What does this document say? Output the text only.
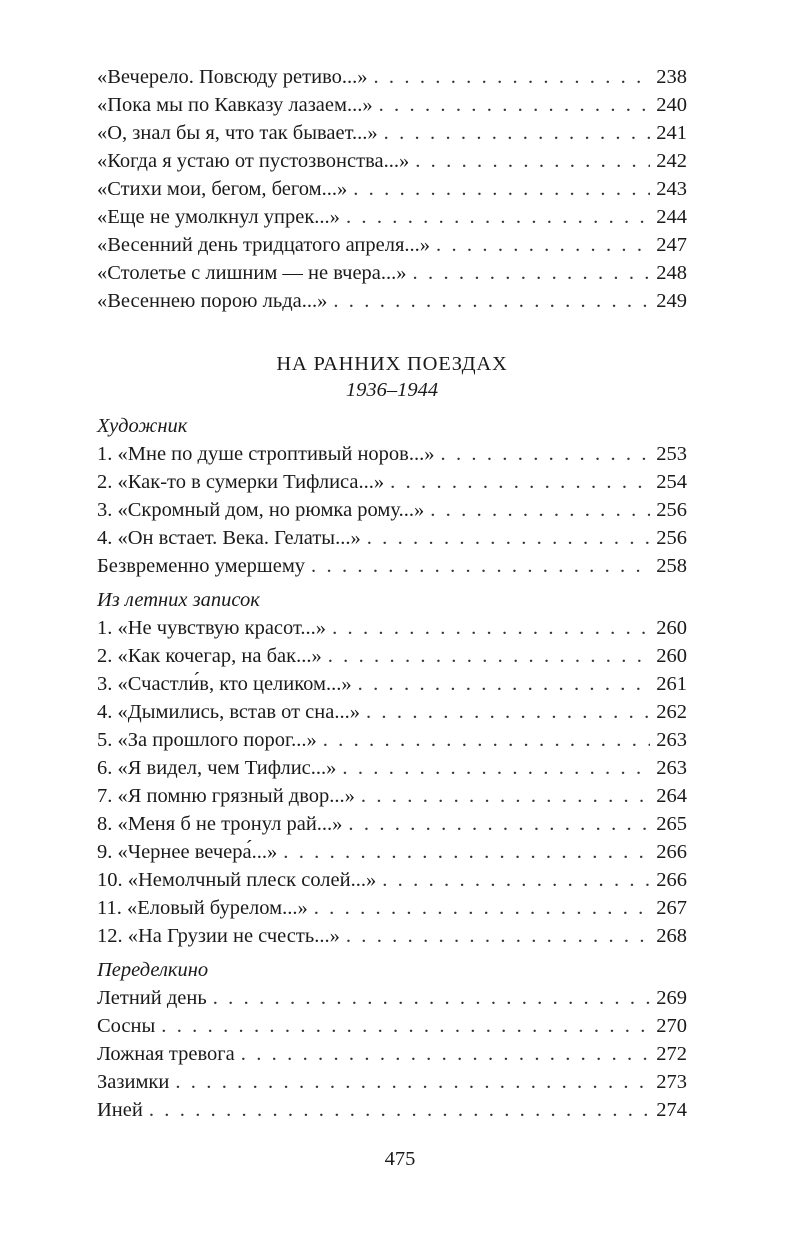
«Вечерело. Повсюду ретиво...» . . .	238
«Пока мы по Кавказу лазаем...» . . .	240
«О, знал бы я, что так бывает...» . . .	241
«Когда я устаю от пустозвонства...» . . .	242
«Стихи мои, бегом, бегом...» . . .	243
«Еще не умолкнул упрек...» . . .	244
«Весенний день тридцатого апреля...» . . .	247
«Столетье с лишним — не вчера...» . . .	248
«Весеннею порою льда...» . . .	249
НА РАННИХ ПОЕЗДАХ
1936–1944
Художник
1. «Мне по душе строптивый норов...» . . .	253
2. «Как-то в сумерки Тифлиса...» . . .	254
3. «Скромный дом, но рюмка рому...» . . .	256
4. «Он встает. Века. Гелаты...» . . .	256
Безвременно умершему . . .	258
Из летних записок
1. «Не чувствую красот...» . . .	260
2. «Как кочегар, на бак...» . . .	260
3. «Счастли́в, кто целиком...» . . .	261
4. «Дымились, встав от сна...» . . .	262
5. «За прошлого порог...» . . .	263
6. «Я видел, чем Тифлис...» . . .	263
7. «Я помню грязный двор...» . . .	264
8. «Меня б не тронул рай...» . . .	265
9. «Чернее вечера́...» . . .	266
10. «Немолчный плеск солей...» . . .	266
11. «Еловый бурелом...» . . .	267
12. «На Грузии не счесть...» . . .	268
Переделкино
Летний день . . .	269
Сосны . . .	270
Ложная тревога . . .	272
Зазимки . . .	273
Иней . . .	274
475
